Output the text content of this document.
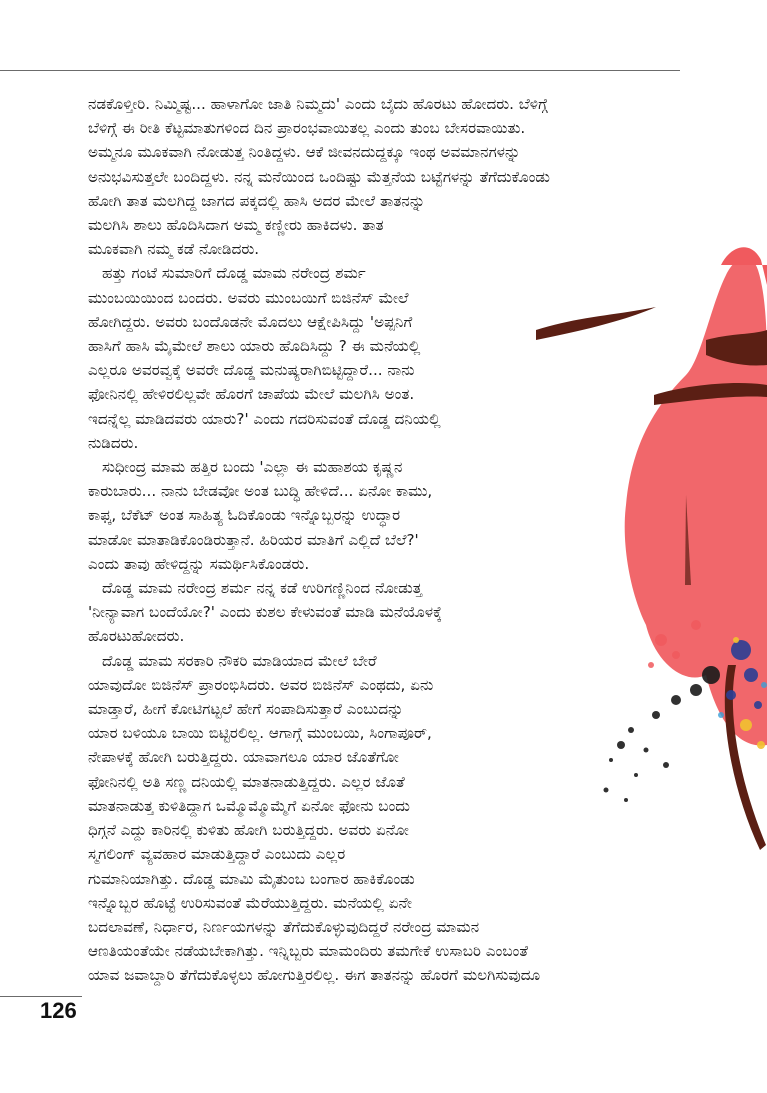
ನಡಕೊಳ್ತೀರಿ. ನಿಮ್ಮಿಷ್ಟ... ಹಾಳಾಗೋ ಜಾತಿ ನಿಮ್ಮದು' ಎಂದು ಬೈದು ಹೊರಟು ಹೋದರು. ಬೆಳಿಗ್ಗೆ
ಬೆಳಿಗ್ಗೆ ಈ ರೀತಿ ಕೆಟ್ಟಮಾತುಗಳಿಂದ ದಿನ ಪ್ರಾರಂಭವಾಯಿತಲ್ಲ ಎಂದು ತುಂಬ ಬೇಸರವಾಯಿತು.
ಅಮ್ಮನೂ ಮೂಕವಾಗಿ ನೋಡುತ್ತ ನಿಂತಿದ್ದಳು. ಆಕೆ ಜೀವನದುದ್ದಕ್ಕೂ ಇಂಥ ಅವಮಾನಗಳನ್ನು
ಅನುಭವಿಸುತ್ತಲೇ ಬಂದಿದ್ದಳು. ನನ್ನ ಮನೆಯಿಂದ ಒಂದಿಷ್ಟು ಮೆತ್ತನೆಯ ಬಟ್ಟೆಗಳನ್ನು ತೆಗೆದುಕೊಂಡು
ಹೋಗಿ ತಾತ ಮಲಗಿದ್ದ ಜಾಗದ ಪಕ್ಕದಲ್ಲಿ ಹಾಸಿ ಅದರ ಮೇಲೆ ತಾತನನ್ನು
ಮಲಗಿಸಿ ಶಾಲು ಹೊದಿಸಿದಾಗ ಅಮ್ಮ ಕಣ್ಣೀರು ಹಾಕಿದಳು. ತಾತ
ಮೂಕವಾಗಿ ನಮ್ಮ ಕಡೆ ನೋಡಿದರು.

ಹತ್ತು ಗಂಟೆ ಸುಮಾರಿಗೆ ದೊಡ್ಡ ಮಾಮ ನರೇಂದ್ರ ಶರ್ಮ
ಮುಂಬಯಿಯಿಂದ ಬಂದರು. ಅವರು ಮುಂಬಯಿಗೆ ಬಿಜಿನೆಸ್ ಮೇಲೆ
ಹೋಗಿದ್ದರು. ಅವರು ಬಂದೊಡನೇ ಮೊದಲು ಆಕ್ಷೇಪಿಸಿದ್ದು 'ಅಪ್ಪನಿಗೆ
ಹಾಸಿಗೆ ಹಾಸಿ ಮೈಮೇಲೆ ಶಾಲು ಯಾರು ಹೊದಿಸಿದ್ದು ? ಈ ಮನೆಯಲ್ಲಿ
ಎಲ್ಲರೂ ಅವರವ್ವಕ್ಕೆ ಅವರೇ ದೊಡ್ಡ ಮನುಷ್ಯರಾಗಿಬಿಟ್ಟಿದ್ದಾರೆ... ನಾನು
ಫೋನಿನಲ್ಲಿ ಹೇಳಿರಲಿಲ್ಲವೇ ಹೊರಗೆ ಚಾಪೆಯ ಮೇಲೆ ಮಲಗಿಸಿ ಅಂತ.
ಇದನ್ನೆಲ್ಲ ಮಾಡಿದವರು ಯಾರು?' ಎಂದು ಗದರಿಸುವಂತೆ ದೊಡ್ಡ ದನಿಯಲ್ಲಿ
ನುಡಿದರು.

ಸುಧೀಂದ್ರ ಮಾಮ ಹತ್ತಿರ ಬಂದು 'ಎಲ್ಲಾ ಈ ಮಹಾಶಯ ಕೃಷ್ಣನ
ಕಾರುಬಾರು... ನಾನು ಬೇಡವೋ ಅಂತ ಬುದ್ಧಿ ಹೇಳಿದೆ... ಏನೋ ಕಾಮು,
ಕಾಫ್ಕ, ಬೆಕೆಟ್ ಅಂತ ಸಾಹಿತ್ಯ ಓದಿಕೊಂಡು ಇನ್ನೊಬ್ಬರನ್ನು ಉದ್ಧಾರ
ಮಾಡೋ ಮಾತಾಡಿಕೊಂಡಿರುತ್ತಾನೆ. ಹಿರಿಯರ ಮಾತಿಗೆ ಎಲ್ಲಿದೆ ಬೆಲೆ?'
ಎಂದು ತಾವು ಹೇಳಿದ್ದನ್ನು ಸಮರ್ಥಿಸಿಕೊಂಡರು.

ದೊಡ್ಡ ಮಾಮ ನರೇಂದ್ರ ಶರ್ಮ ನನ್ನ ಕಡೆ ಉರಿಗಣ್ಣಿನಿಂದ ನೋಡುತ್ತ
'ನೀನ್ಯಾವಾಗ ಬಂದೆಯೋ?' ಎಂದು ಕುಶಲ ಕೇಳುವಂತೆ ಮಾಡಿ ಮನೆಯೊಳಕ್ಕೆ
ಹೊರಟುಹೋದರು.

ದೊಡ್ಡ ಮಾಮ ಸರಕಾರಿ ನೌಕರಿ ಮಾಡಿಯಾದ ಮೇಲೆ ಬೇರೆ
ಯಾವುದೋ ಬಿಜಿನೆಸ್ ಪ್ರಾರಂಭಿಸಿದರು. ಅವರ ಬಿಜಿನೆಸ್ ಎಂಥದು, ಏನು
ಮಾಡ್ತಾರೆ, ಹೀಗೆ ಕೋಟಿಗಟ್ಟಲೆ ಹೇಗೆ ಸಂಪಾದಿಸುತ್ತಾರೆ ಎಂಬುದನ್ನು
ಯಾರ ಬಳಿಯೂ ಬಾಯಿ ಬಿಟ್ಟಿರಲಿಲ್ಲ. ಆಗಾಗ್ಗೆ ಮುಂಬಯಿ, ಸಿಂಗಾಪೂರ್,
ನೇಪಾಳಕ್ಕೆ ಹೋಗಿ ಬರುತ್ತಿದ್ದರು. ಯಾವಾಗಲೂ ಯಾರ ಜೊತೆಗೋ
ಫೋನಿನಲ್ಲಿ ಅತಿ ಸಣ್ಣ ದನಿಯಲ್ಲಿ ಮಾತನಾಡುತ್ತಿದ್ದರು. ಎಲ್ಲರ ಜೊತೆ
ಮಾತನಾಡುತ್ತ ಕುಳಿತಿದ್ದಾಗ ಒಮ್ಮೊಮ್ಮೊಮ್ಮೆಗೆ ಏನೋ ಫೋನು ಬಂದು
ಧಿಗ್ಗನೆ ಎದ್ದು ಕಾರಿನಲ್ಲಿ ಕುಳಿತು ಹೋಗಿ ಬರುತ್ತಿದ್ದರು. ಅವರು ಏನೋ
ಸ್ಮಗಲಿಂಗ್ ವ್ಯವಹಾರ ಮಾಡುತ್ತಿದ್ದಾರೆ ಎಂಬುದು ಎಲ್ಲರ
ಗುಮಾನಿಯಾಗಿತ್ತು. ದೊಡ್ಡ ಮಾಮಿ ಮೈತುಂಬ ಬಂಗಾರ ಹಾಕಿಕೊಂಡು
ಇನ್ನೊಬ್ಬರ ಹೊಟ್ಟೆ ಉರಿಸುವಂತೆ ಮೆರೆಯುತ್ತಿದ್ದರು. ಮನೆಯಲ್ಲಿ ಏನೇ
ಬದಲಾವಣೆ, ನಿರ್ಧಾರ, ನಿರ್ಣಯಗಳನ್ನು ತೆಗೆದುಕೊಳ್ಳುವುದಿದ್ದರೆ ನರೇಂದ್ರ ಮಾಮನ
ಆಣತಿಯಂತೆಯೇ ನಡೆಯಬೇಕಾಗಿತ್ತು. ಇನ್ನಿಬ್ಬರು ಮಾಮಂದಿರು ತಮಗೇಕೆ ಉಸಾಬರಿ ಎಂಬಂತೆ
ಯಾವ ಜವಾಬ್ದಾರಿ ತೆಗೆದುಕೊಳ್ಳಲು ಹೋಗುತ್ತಿರಲಿಲ್ಲ. ಈಗ ತಾತನನ್ನು ಹೊರಗೆ ಮಲಗಿಸುವುದೂ

126
